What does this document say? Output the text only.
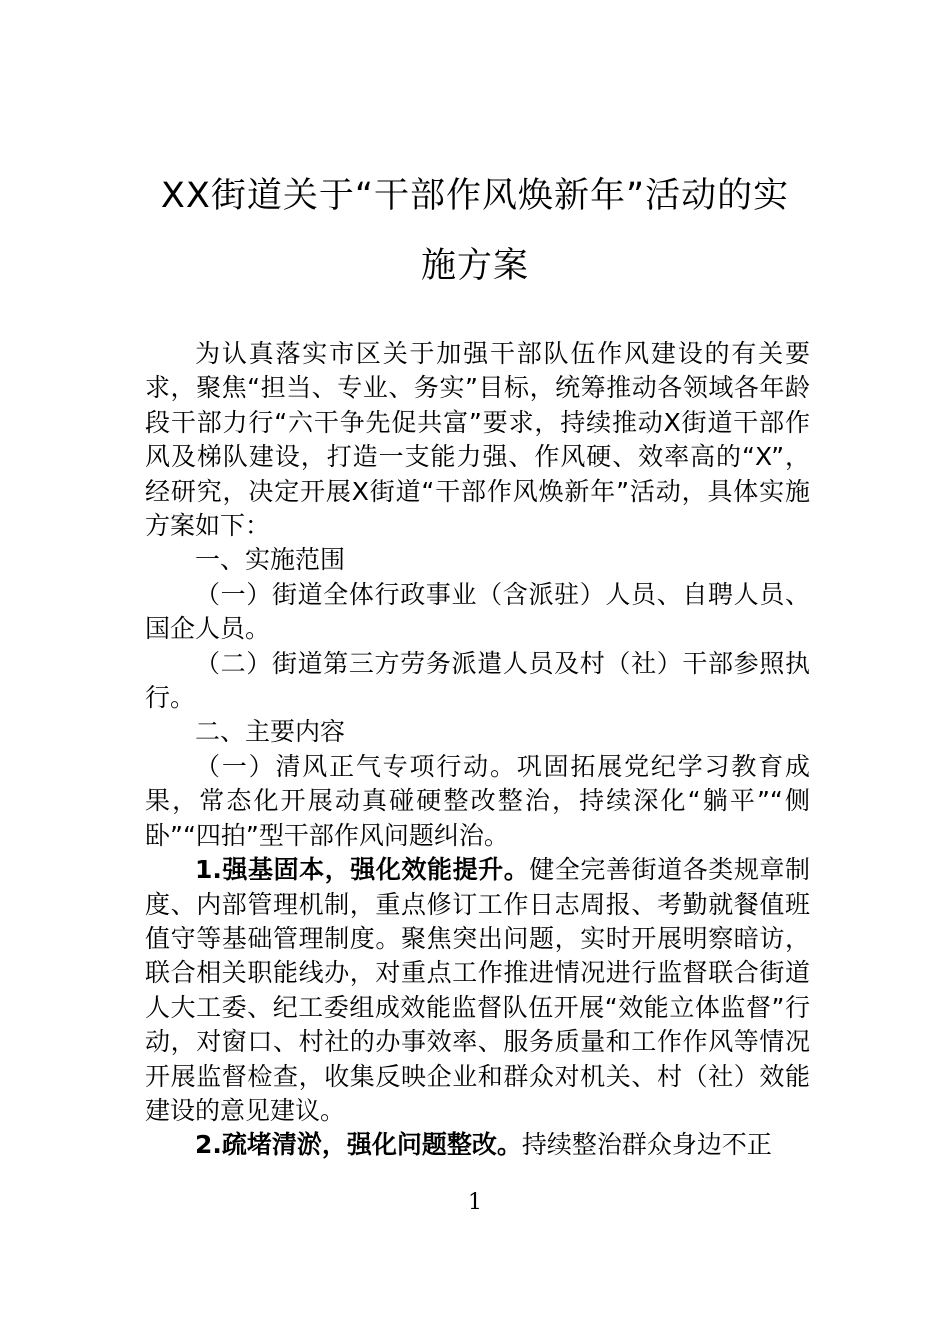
XX街道关于“干部作风焕新年”活动的实
施方案

为认真落实市区关于加强干部队伍作风建设的有关要求，聚焦“担当、专业、务实”目标，统筹推动各领域各年龄段干部力行“六干争先促共富”要求，持续推动X街道干部作风及梯队建设，打造一支能力强、作风硬、效率高的“X”，经研究，决定开展X街道“干部作风焕新年”活动，具体实施方案如下：

一、实施范围

（一）街道全体行政事业（含派驻）人员、自聘人员、国企人员。

（二）街道第三方劳务派遣人员及村（社）干部参照执行。

二、主要内容

（一）清风正气专项行动。巩固拓展党纪学习教育成果，常态化开展动真碰硬整改整治，持续深化“躺平”“侧卧”“四拍”型干部作风问题纠治。

1.强基固本，强化效能提升。健全完善街道各类规章制度、内部管理机制，重点修订工作日志周报、考勤就餐值班值守等基础管理制度。聚焦突出问题，实时开展明察暗访，联合相关职能线办，对重点工作推进情况进行监督联合街道人大工委、纪工委组成效能监督队伍开展“效能立体监督”行动，对窗口、村社的办事效率、服务质量和工作作风等情况开展监督检查，收集反映企业和群众对机关、村（社）效能建设的意见建议。

2.疏堵清淤，强化问题整改。持续整治群众身边不正

1
